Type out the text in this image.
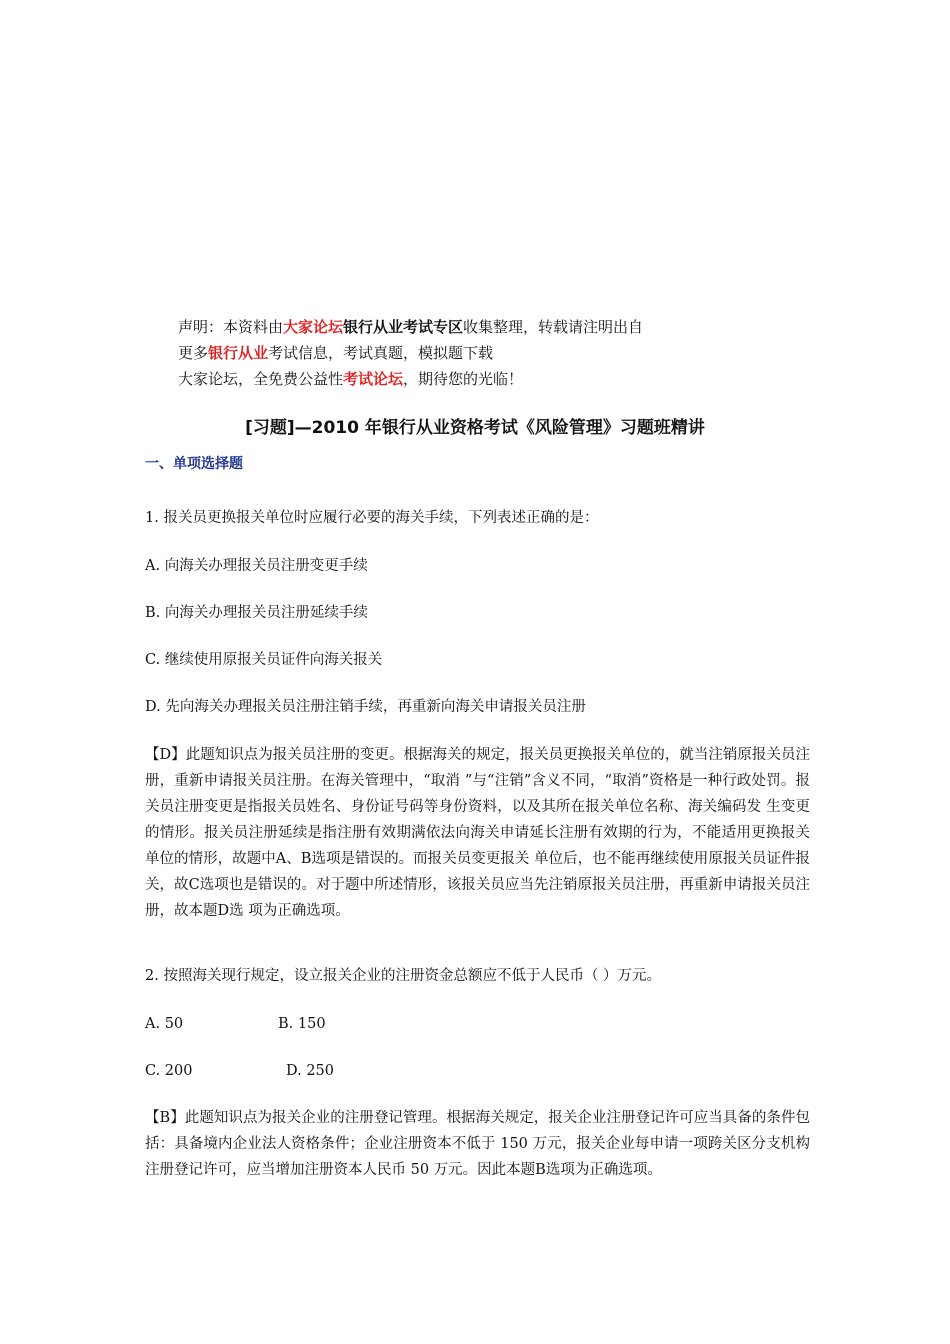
声明：本资料由大家论坛银行从业考试专区收集整理，转载请注明出自
更多银行从业考试信息，考试真题，模拟题下载
大家论坛，全免费公益性考试论坛，期待您的光临！
[习题]—2010 年银行从业资格考试《风险管理》习题班精讲
一、单项选择题
1. 报关员更换报关单位时应履行必要的海关手续，下列表述正确的是：
A. 向海关办理报关员注册变更手续
B. 向海关办理报关员注册延续手续
C. 继续使用原报关员证件向海关报关
D. 先向海关办理报关员注册注销手续，再重新向海关申请报关员注册
【D】此题知识点为报关员注册的变更。根据海关的规定，报关员更换报关单位的，就当注销原报关员注册，重新申请报关员注册。在海关管理中，“取消 ”与“注销”含义不同，“取消”资格是一种行政处罚。报关员注册变更是指报关员姓名、身份证号码等身份资料，以及其所在报关单位名称、海关编码发 生变更 的情形。报关员注册延续是指注册有效期满依法向海关申请延长注册有效期的行为，不能适用更换报关单位的情形，故题中A、B选项是错误的。而报关员变更报关 单位后，也不能再继续使用原报关员证件报关，故C选项也是错误的。对于题中所述情形，该报关员应当先注销原报关员注册，再重新申请报关员注册，故本题D选 项为正确选项。
2. 按照海关现行规定，设立报关企业的注册资金总额应不低于人民币（ ）万元。
A. 50	B. 150
C. 200	D. 250
【B】此题知识点为报关企业的注册登记管理。根据海关规定，报关企业注册登记许可应当具备的条件包括：具备境内企业法人资格条件；企业注册资本不低于 150 万元，报关企业每申请一项跨关区分支机构注册登记许可，应当增加注册资本人民币 50 万元。因此本题B选项为正确选项。
